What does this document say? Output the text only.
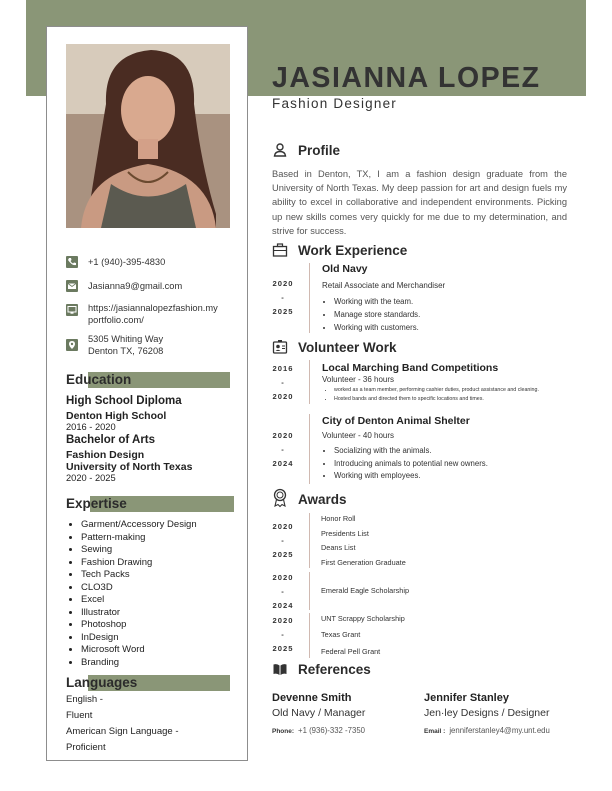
+1 (940)-395-4830
Jasianna9@gmail.com
https://jasiannalopezfashion.my
portfolio.com/
5305 Whiting Way
Denton TX, 76208
Education
High School Diploma
Denton High School
2016 - 2020
Bachelor of Arts
Fashion Design
University of North Texas
2020 - 2025
Expertise
• Garment/Accessory Design
• Pattern-making
• Sewing
• Fashion Drawing
• Tech Packs
• CLO3D
• Excel
• Illustrator
• Photoshop
• InDesign
• Microsoft Word
• Branding
Languages
English -
Fluent
American Sign Language -
Proficient
JASIANNA LOPEZ
Fashion Designer
Profile
Based in Denton, TX, I am a fashion design graduate from the University of North Texas. My deep passion for art and design fuels my ability to excel in collaborative and independent environments. Picking up new skills comes very quickly for me due to my determination, and strive for success.
Work Experience
2020
-
2025
Old Navy
Retail Associate and Merchandiser
• Working with the team.
• Manage store standards.
• Working with customers.
Volunteer Work
2016
-
2020
Local Marching Band Competitions
Volunteer - 36 hours
• worked as a team member, performing cashier duties, product assistance and cleaning.
• Hosted bands and directed them to specific locations and times.
2020
-
2024
City of Denton Animal Shelter
Volunteer - 40 hours
• Socializing with the animals.
• Introducing animals to potential new owners.
• Working with employees.
Awards
2020
-
2025
Honor Roll
Presidents List
Deans List
First Generation Graduate
2020
-
2024
Emerald Eagle Scholarship
2020
-
2025
UNT Scrappy Scholarship
Texas Grant
Federal Pell Grant
References
Devenne Smith
Old Navy / Manager
Phone: +1 (936)-332 -7350
Jennifer Stanley
Jen·ley Designs / Designer
Email : jenniferstanley4@my.unt.edu
